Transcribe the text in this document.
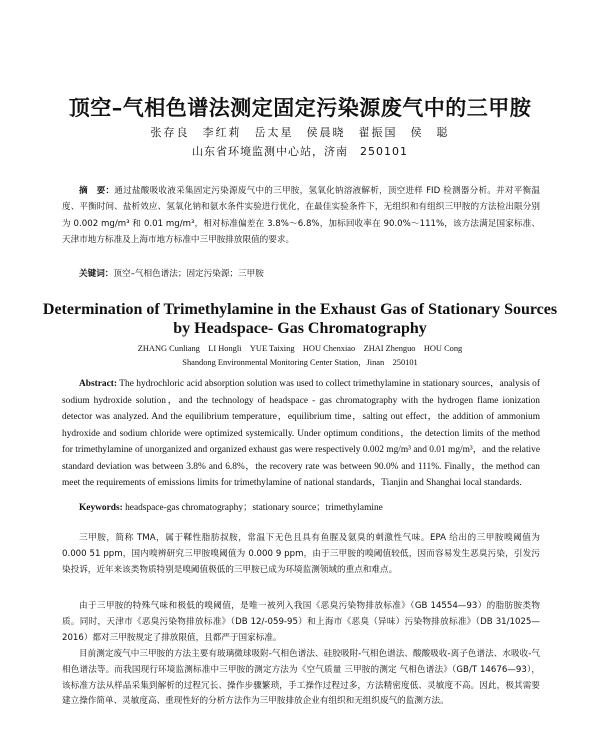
顶空–气相色谱法测定固定污染源废气中的三甲胺
张存良　李红莉　岳太星　侯晨晓　翟振国　侯　聪
山东省环境监测中心站，济南　250101
摘　要：通过盐酸吸收液采集固定污染源废气中的三甲胺，氢氧化钠溶液解析，顶空进样 FID 检测器分析。并对平衡温度、平衡时间、盐析效应、氢氧化钠和氨水条件实验进行优化，在最佳实验条件下，无组织和有组织三甲胺的方法检出限分别为 0.002 mg/m³ 和 0.01 mg/m³，相对标准偏差在 3.8%～6.8%，加标回收率在 90.0%～111%，该方法满足国家标准、天津市地方标准及上海市地方标准中三甲胺排放限值的要求。
关键词：顶空–气相色谱法；固定污染源；三甲胺
Determination of Trimethylamine in the Exhaust Gas of Stationary Sources by Headspace- Gas Chromatography
ZHANG Cunliang　LI Hongli　YUE Taixing　HOU Chenxiao　ZHAI Zhenguo　HOU Cong
Shandong Environmental Monitoring Center Station，Jinan　250101
Abstract: The hydrochloric acid absorption solution was used to collect trimethylamine in stationary sources，analysis of sodium hydroxide solution，and the technology of headspace - gas chromatography with the hydrogen flame ionization detector was analyzed. And the equilibrium temperature，equilibrium time，salting out effect，the addition of ammonium hydroxide and sodium chloride were optimized systemically. Under optimum conditions，the detection limits of the method for trimethylamine of unorganized and organized exhaust gas were respectively 0.002 mg/m³ and 0.01 mg/m³，and the relative standard deviation was between 3.8% and 6.8%，the recovery rate was between 90.0% and 111%. Finally，the method can meet the requirements of emissions limits for trimethylamine of national standards，Tianjin and Shanghai local standards.
Keywords: headspace-gas chromatography；stationary source；trimethylamine
三甲胺，简称 TMA，属于鞣性脂肪叔胺，常温下无色且具有鱼腥及氨臭的刺激性气味。EPA 给出的三甲胺嗅阈值为 0.000 51 ppm，国内嗅辨研究三甲胺嗅阈值为 0.000 9 ppm，由于三甲胺的嗅阈值较低，因而容易发生恶臭污染，引发污染投诉，近年来该类物质特别是嗅阈值极低的三甲胺已成为环境监测领域的重点和难点。
由于三甲胺的特殊气味和极低的嗅阈值，是唯一被列入我国《恶臭污染物排放标准》（GB 14554—93）的脂肪胺类物质。同时，天津市《恶臭污染物排放标准》（DB 12/-059-95）和上海市《恶臭（异味）污染物排放标准》（DB 31/1025—2016）都对三甲胺规定了排放限值，且都严于国家标准。
目前测定废气中三甲胺的方法主要有玻璃微球吸附-气相色谱法、硅胶吸附-气相色谱法、酸酸吸收-离子色谱法、水吸收-气相色谱法等。而我国现行环境监测标准中三甲胺的测定方法为《空气质量 三甲胺的测定 气相色谱法》（GB/T 14676—93），该标准方法从样品采集到解析的过程冗长、操作步骤繁琐，手工操作过程过多，方法精密度低、灵敏度不高。因此，极其需要建立操作简单、灵敏度高、重现性好的分析方法作为三甲胺排放企业有组织和无组织废气的监测方法。
